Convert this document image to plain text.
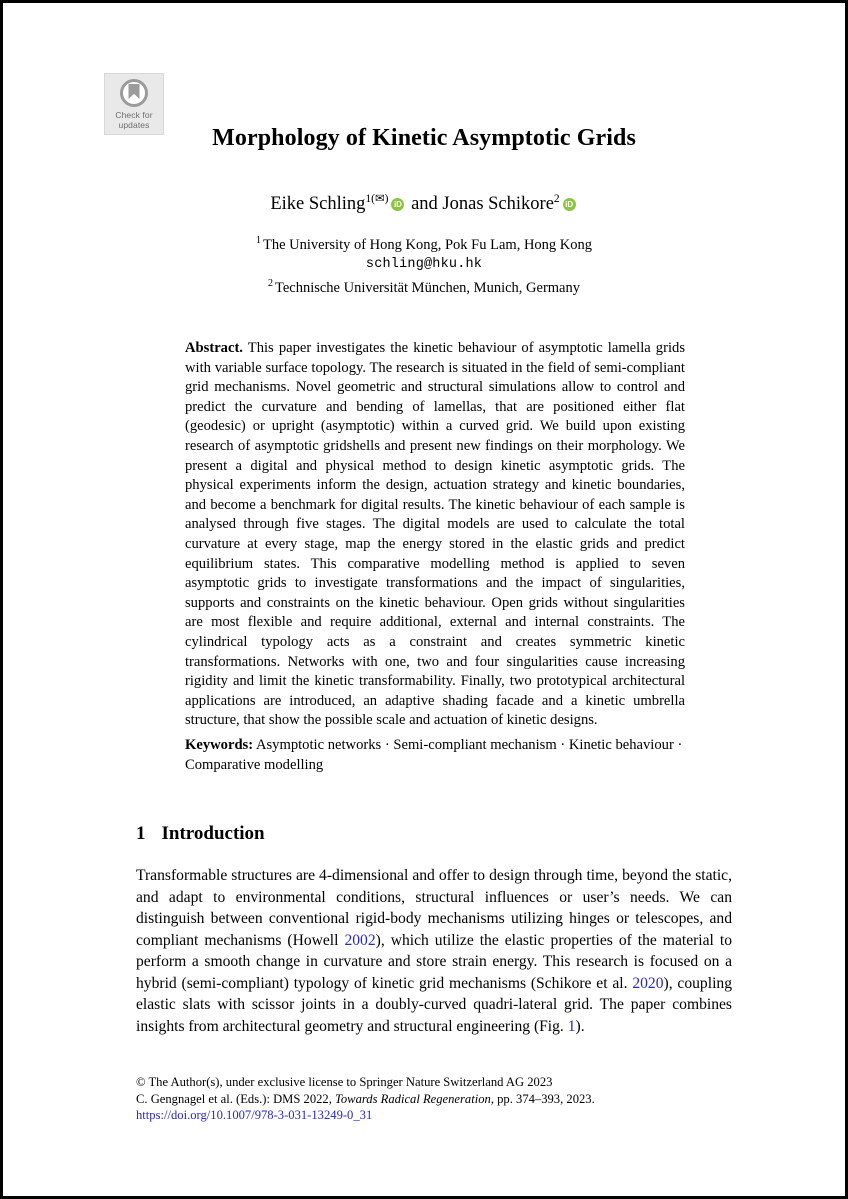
Check for
updates	Morphology of Kinetic Asymptotic Grids
Eike Schling$^{1(✉)}$ iD and Jonas Schikore$^2$ iD
$^1$ The University of Hong Kong, Pok Fu Lam, Hong Kong
schling@hku.hk
$^2$ Technische Universität München, Munich, Germany
Abstract. This paper investigates the kinetic behaviour of asymptotic lamella grids with variable surface topology. The research is situated in the field of semi-compliant grid mechanisms. Novel geometric and structural simulations allow to control and predict the curvature and bending of lamellas, that are positioned either flat (geodesic) or upright (asymptotic) within a curved grid. We build upon existing research of asymptotic gridshells and present new findings on their morphology. We present a digital and physical method to design kinetic asymptotic grids. The physical experiments inform the design, actuation strategy and kinetic boundaries, and become a benchmark for digital results. The kinetic behaviour of each sample is analysed through five stages. The digital models are used to calculate the total curvature at every stage, map the energy stored in the elastic grids and predict equilibrium states. This comparative modelling method is applied to seven asymptotic grids to investigate transformations and the impact of singularities, supports and constraints on the kinetic behaviour. Open grids without singularities are most flexible and require additional, external and internal constraints. The cylindrical typology acts as a constraint and creates symmetric kinetic transformations. Networks with one, two and four singularities cause increasing rigidity and limit the kinetic transformability. Finally, two prototypical architectural applications are introduced, an adaptive shading facade and a kinetic umbrella structure, that show the possible scale and actuation of kinetic designs.
Keywords: Asymptotic networks · Semi-compliant mechanism · Kinetic behaviour · Comparative modelling
1 Introduction
Transformable structures are 4-dimensional and offer to design through time, beyond the static, and adapt to environmental conditions, structural influences or user’s needs. We can distinguish between conventional rigid-body mechanisms utilizing hinges or telescopes, and compliant mechanisms (Howell 2002), which utilize the elastic properties of the material to perform a smooth change in curvature and store strain energy. This research is focused on a hybrid (semi-compliant) typology of kinetic grid mechanisms (Schikore et al. 2020), coupling elastic slats with scissor joints in a doubly-curved quadri-lateral grid. The paper combines insights from architectural geometry and structural engineering (Fig. 1).
© The Author(s), under exclusive license to Springer Nature Switzerland AG 2023
C. Gengnagel et al. (Eds.): DMS 2022, Towards Radical Regeneration, pp. 374–393, 2023.
https://doi.org/10.1007/978-3-031-13249-0_31
